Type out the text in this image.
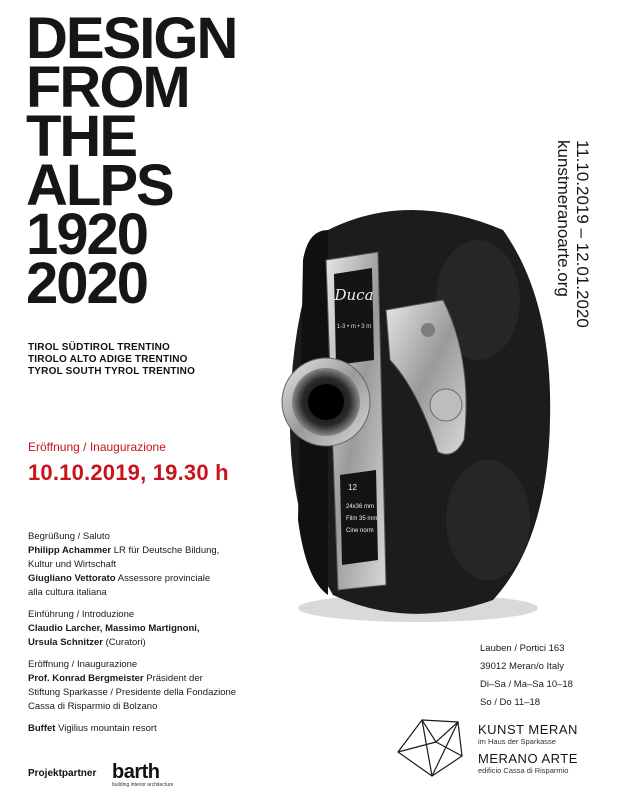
DESIGN
FROM
THE
ALPS
1920
2020
TIROL SÜDTIROL TRENTINO
TIROLO ALTO ADIGE TRENTINO
TYROL SOUTH TYROL TRENTINO
Duca
P
1-3 • m • 3 m
12
24x36 mm
Film 35 mm
Cine norm
11.10.2019 – 12.01.2020
kunstmeranoarte.org
Eröffnung / Inaugurazione
10.10.2019, 19.30 h
Begrüßung / Saluto
Philipp Achammer LR für Deutsche Bildung,
Kultur und Wirtschaft
Giugliano Vettorato Assessore provinciale
alla cultura italiana
Einführung / Introduzione
Claudio Larcher, Massimo Martignoni,
Ursula Schnitzer (Curatori)
Eröffnung / Inaugurazione
Prof. Konrad Bergmeister Präsident der
Stiftung Sparkasse / Presidente della Fondazione
Cassa di Risparmio di Bolzano
Buffet Vigilius mountain resort
Projektpartner barth
building interior architecture
Lauben / Portici 163
39012 Meran/o Italy
Di–Sa / Ma–Sa 10–18
So / Do 11–18
KUNST MERAN
im Haus der Sparkasse
MERANO ARTE
edificio Cassa di Risparmio
